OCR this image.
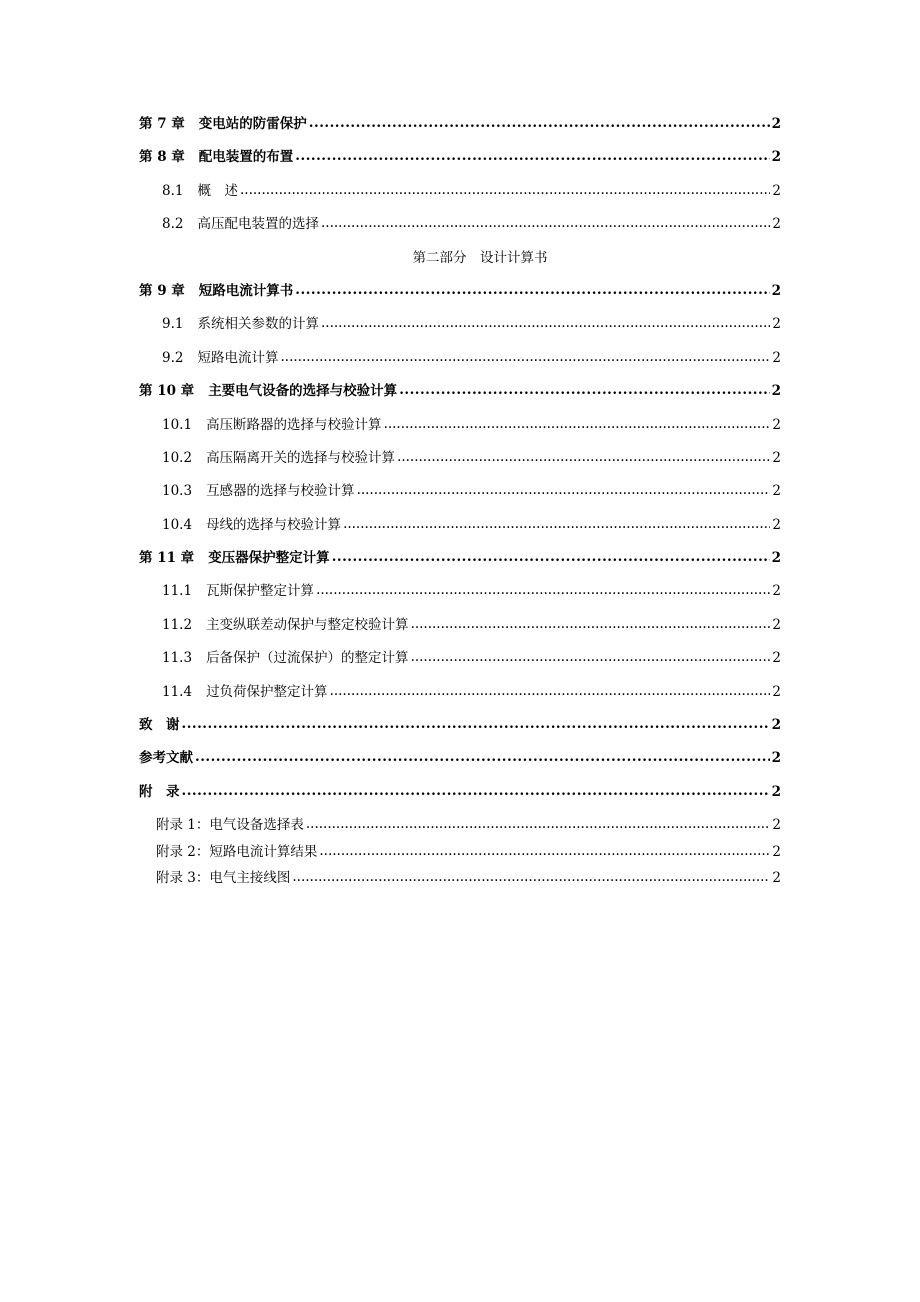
第 7 章 变电站的防雷保护 .....	2
第 8 章 配电装置的布置 .....	2
8.1 概　述 .....	2
8.2 高压配电装置的选择 .....	2
第二部分　设计计算书
第 9 章 短路电流计算书 .....	2
9.1 系统相关参数的计算 .....	2
9.2 短路电流计算 .....	2
第 10 章 主要电气设备的选择与校验计算 .....	2
10.1 高压断路器的选择与校验计算 .....	2
10.2 高压隔离开关的选择与校验计算 .....	2
10.3 互感器的选择与校验计算 .....	2
10.4 母线的选择与校验计算 .....	2
第 11 章 变压器保护整定计算 .....	2
11.1 瓦斯保护整定计算 .....	2
11.2 主变纵联差动保护与整定校验计算 .....	2
11.3 后备保护（过流保护）的整定计算 .....	2
11.4 过负荷保护整定计算 .....	2
致　谢 .....	2
参考文献 .....	2
附　录 .....	2
附录 1：电气设备选择表 .....	2
附录 2：短路电流计算结果 .....	2
附录 3：电气主接线图 .....	2
